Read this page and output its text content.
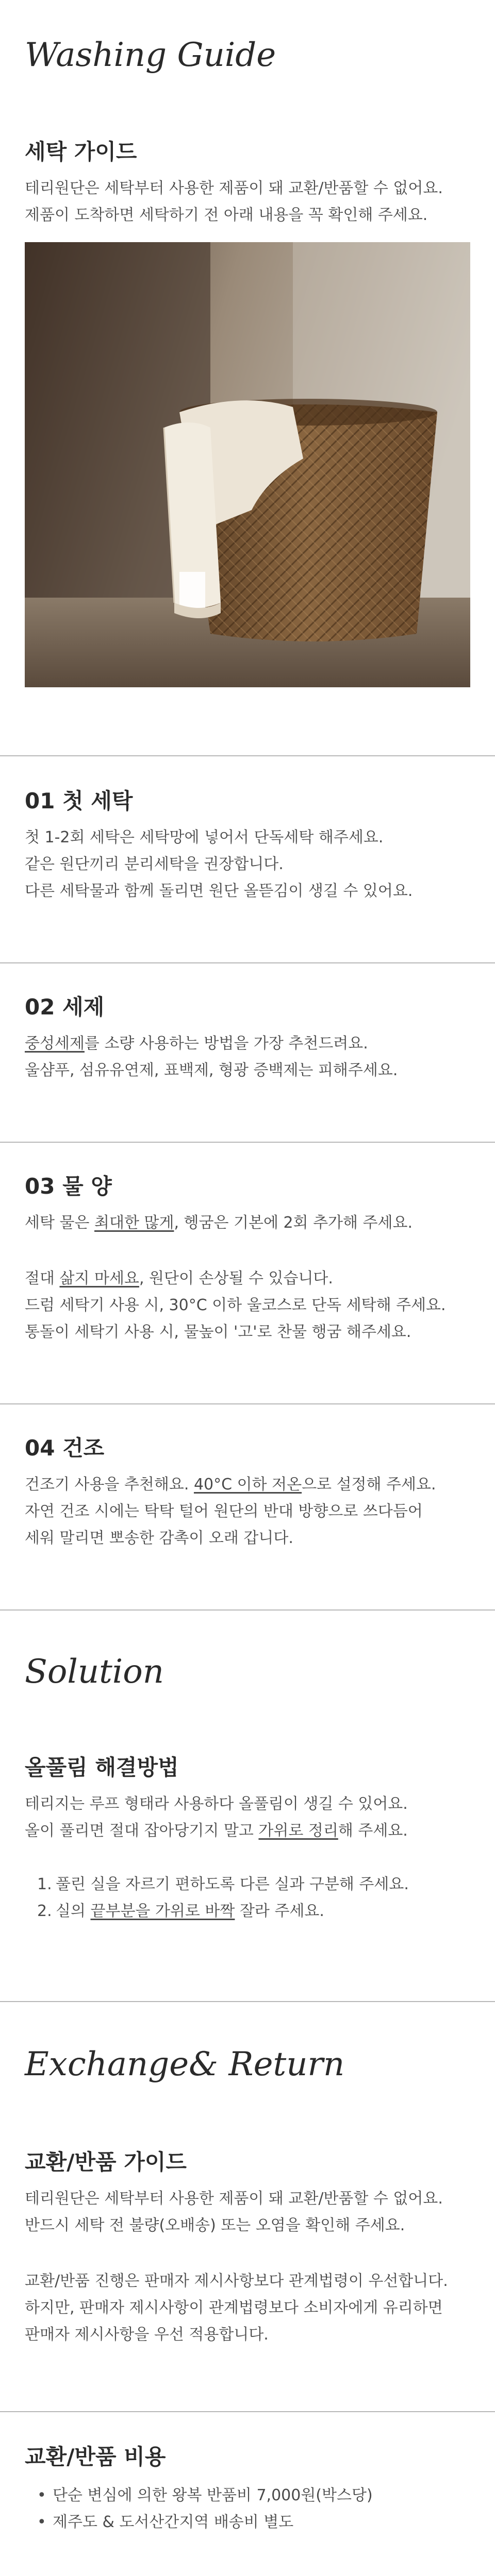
Washing Guide
세탁 가이드

테리원단은 세탁부터 사용한 제품이 돼 교환/반품할 수 없어요.

제품이 도착하면 세탁하기 전 아래 내용을 꼭 확인해 주세요.

01 첫 세탁

첫 1-2회 세탁은 세탁망에 넣어서 단독세탁 해주세요.

같은 원단끼리 분리세탁을 권장합니다.

다른 세탁물과 함께 돌리면 원단 올뜯김이 생길 수 있어요.

02 세제

중성세제를 소량 사용하는 방법을 가장 추천드려요.

울샴푸, 섬유유연제, 표백제, 형광 증백제는 피해주세요.

03 물 양

세탁 물은 최대한 많게, 헹굼은 기본에 2회 추가해 주세요.

절대 삶지 마세요, 원단이 손상될 수 있습니다.

드럼 세탁기 사용 시, 30°C 이하 울코스로 단독 세탁해 주세요.

통돌이 세탁기 사용 시, 물높이 '고'로 찬물 행굼 해주세요.

04 건조

건조기 사용을 추천해요. 40°C 이하 저온으로 설정해 주세요.

자연 건조 시에는 탁탁 털어 원단의 반대 방향으로 쓰다듬어

세워 말리면 뽀송한 감촉이 오래 갑니다.

Solution
올풀림 해결방법

테리지는 루프 형태라 사용하다 올풀림이 생길 수 있어요.

올이 풀리면 절대 잡아당기지 말고 가위로 정리해 주세요.

1. 풀린 실을 자르기 편하도록 다른 실과 구분해 주세요.
2. 실의 끝부분을 가위로 바짝 잘라 주세요.
Exchange& Return
교환/반품 가이드

테리원단은 세탁부터 사용한 제품이 돼 교환/반품할 수 없어요.

반드시 세탁 전 불량(오배송) 또는 오염을 확인해 주세요.

교환/반품 진행은 판매자 제시사항보다 관계법령이 우선합니다.

하지만, 판매자 제시사항이 관계법령보다 소비자에게 유리하면

판매자 제시사항을 우선 적용합니다.

교환/반품 비용
• 단순 변심에 의한 왕복 반품비 7,000원(박스당)
• 제주도 & 도서산간지역 배송비 별도
